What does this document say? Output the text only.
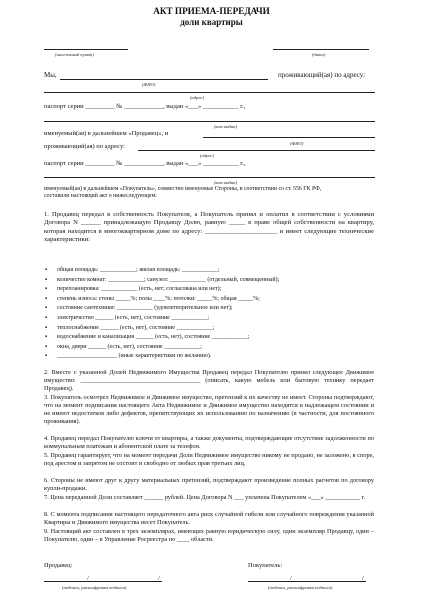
АКТ ПРИЕМА-ПЕРЕДАЧИ
доли квартиры
(населенный пункт)	(дата)
Мы,	проживающий(ая) по адресу:
(ФИО)
(адрес)
паспорт серии _________ № ____________, выдан «___» ___________ г.,
(кем выдан)
именуемый(ая) в дальнейшем «Продавец», и
проживающий(ая) по адресу:	(ФИО)
(адрес)
паспорт серии _________ № ____________, выдан «___» ___________ г.,
(кем выдан)
именуемый(ая) в дальнейшем «Покупатель», совместно именуемые Стороны, в соответствии со ст. 556 ГК РФ,
составили настоящий акт о нижеследующем:
1. Продавец передал в собственность Покупателя, а Покупатель принял и оплатил в соответствии с условиями Договора N ______ принадлежащую Продавцу Долю, равную _____ в праве общей собственности на квартиру, которая находится в многоквартирном доме по адресу: ______________________ и имеет следующие технические характеристики:
▪ общая площадь: ____________; жилая площадь: ____________;
▪ количество комнат: ____________; санузел: ____________ (отдельный, совмещенный);
▪ перепланировка: ____________ (есть, нет; согласована или нет);
▪ степень износа: стены _____%; полы ____%; потолки: _____%; общая _____%;
▪ состояние сантехники: ____________ (удовлетворительное или нет);
▪ электричество ______ (есть, нет), состояние ____________;
▪ теплоснабжение ______ (есть, нет), состояние ____________;
▪ водоснабжение и канализация ______ (есть, нет), состояние ____________;
▪ окна, двери ______ (есть, нет), состояние ____________;
▪ ____________________ (иные характеристики по желанию).
2. Вместе с указанной Долей Недвижимого Имущества Продавец передал Покупателю принял следующее Движимое имущество: ______________________________________ (описать, какую мебель или бытовую технику передает Продавец).
3. Покупатель осмотрел Недвижимое и Движимое имущество, претензий к их качеству не имеет. Стороны подтверждают, что на момент подписания настоящего Акта Недвижимое и Движимое имущество находятся в надлежащем состоянии и не имеют недостатков либо дефектов, препятствующих их использованию по назначению (в частности, для постоянного проживания).
4. Продавец передал Покупателю ключи от квартиры, а также документы, подтверждающие отсутствие задолженности по коммунальным платежам и абонентской плате за телефон.
5. Продавец гарантирует, что на момент передачи Доли Недвижимое имущество никому не продано, не заложено, в споре, под арестом и запретом не состоит и свободно от любых прав третьих лиц.
6. Стороны не имеют друг к другу материальных претензий, подтверждают произведение полных расчетов по договору купли-продажи.
7. Цена переданной Доли составляет ______ рублей. Цена Договора N ___ уплачена Покупателем «___» ___________ г.
8. С момента подписания настоящего передаточного акта риск случайной гибели или случайного повреждения указанной Квартиры и Движимого имущества несет Покупатель.
9. Настоящий акт составлен в трех экземплярах, имеющих равную юридическую силу, один экземпляр Продавцу, один – Покупателю, один – в Управление Росреестра по ____ области.
Продавец:	Покупатель:
/	/	/	/
(подпись, расшифровка подписи)	(подпись, расшифровка подписи)
